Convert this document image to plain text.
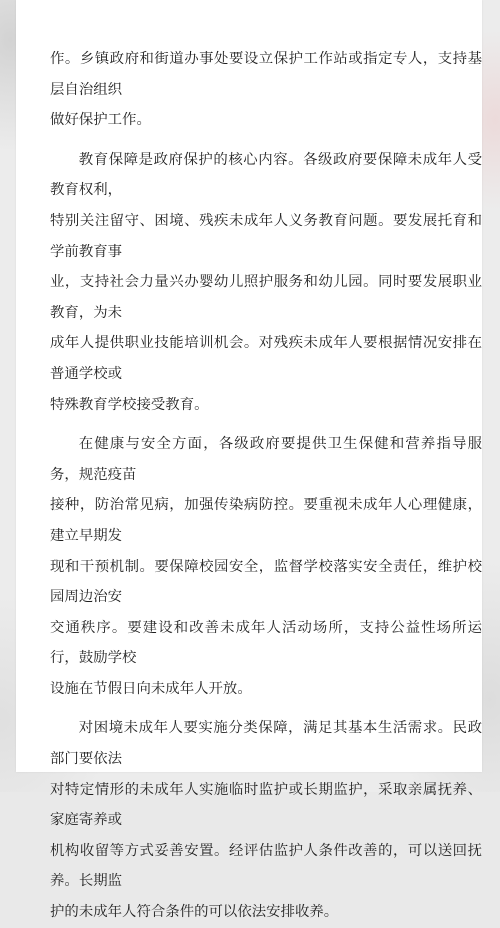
作。乡镇政府和街道办事处要设立保护工作站或指定专人，支持基层自治组织
做好保护工作。

教育保障是政府保护的核心内容。各级政府要保障未成年人受教育权利，
特别关注留守、困境、残疾未成年人义务教育问题。要发展托育和学前教育事
业，支持社会力量兴办婴幼儿照护服务和幼儿园。同时要发展职业教育，为未
成年人提供职业技能培训机会。对残疾未成年人要根据情况安排在普通学校或
特殊教育学校接受教育。

在健康与安全方面，各级政府要提供卫生保健和营养指导服务，规范疫苗
接种，防治常见病，加强传染病防控。要重视未成年人心理健康，建立早期发
现和干预机制。要保障校园安全，监督学校落实安全责任，维护校园周边治安
交通秩序。要建设和改善未成年人活动场所，支持公益性场所运行，鼓励学校
设施在节假日向未成年人开放。

对困境未成年人要实施分类保障，满足其基本生活需求。民政部门要依法
对特定情形的未成年人实施临时监护或长期监护，采取亲属抚养、家庭寄养或
机构收留等方式妥善安置。经评估监护人条件改善的，可以送回抚养。长期监
护的未成年人符合条件的可以依法安排收养。
